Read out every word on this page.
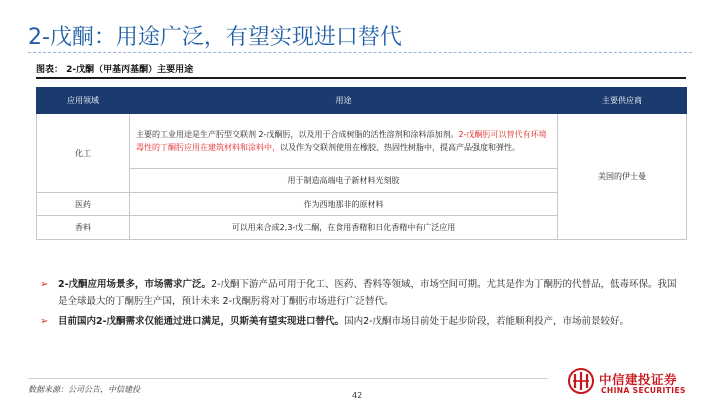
2-戊酮：用途广泛，有望实现进口替代
图表： 2-戊酮（甲基丙基酮）主要用途
应用领域	用途	主要供应商
化工	主要的工业用途是生产肟型交联剂 2-戊酮肟，以及用于合成树脂的活性溶剂和涂料添加剂。2-戊酮肟可以替代有环境毒性的丁酮肟应用在建筑材料和涂料中，以及作为交联剂使用在橡胶、热固性树脂中，提高产品强度和弹性。	美国的伊士曼
	用于制造高端电子新材料光刻胶	
医药	作为西地那非的原材料	
香料	可以用来合成2,3-戊二酮，在食用香精和日化香精中有广泛应用	
➢ 2-戊酮应用场景多，市场需求广泛。2-戊酮下游产品可用于化工、医药、香料等领域，市场空间可期。尤其是作为丁酮肟的代替品，低毒环保。我国是全球最大的丁酮肟生产国，预计未来 2-戊酮肟将对丁酮肟市场进行广泛替代。
➢ 目前国内2-戊酮需求仅能通过进口满足，贝斯美有望实现进口替代。国内2-戊酮市场目前处于起步阶段，若能顺利投产，市场前景较好。
数据来源：公司公告，中信建投
42
中信建投证券
CHINA SECURITIES
